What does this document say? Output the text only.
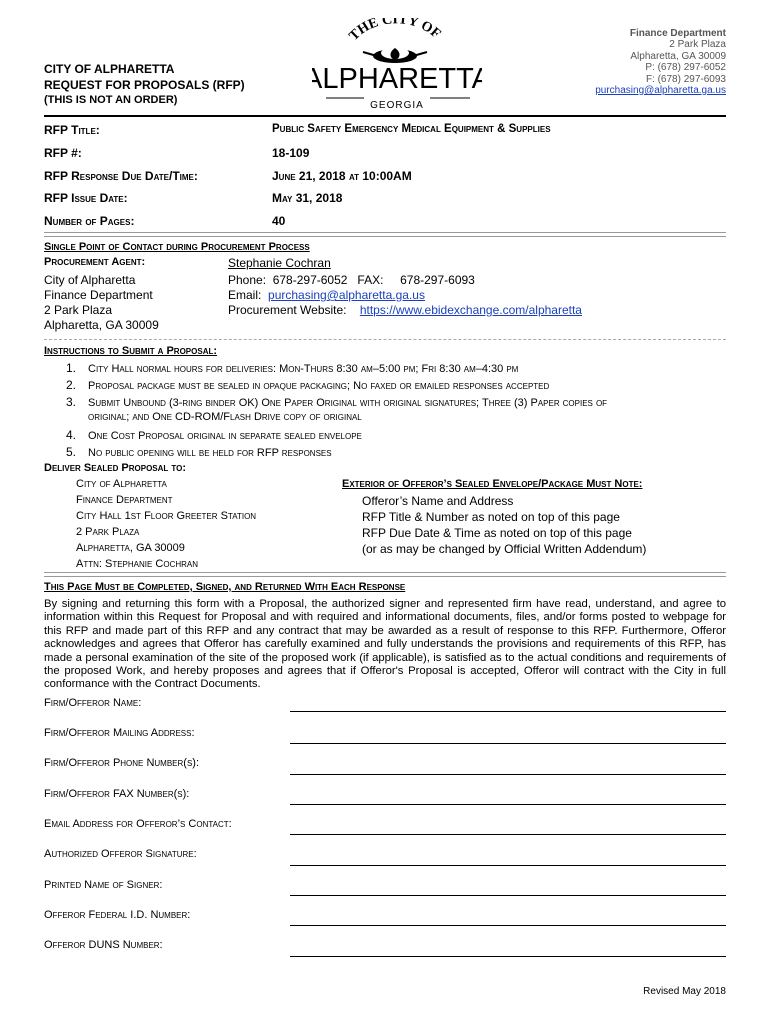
Finance Department
2 Park Plaza
Alpharetta, GA 30009
P: (678) 297-6052
F: (678) 297-6093
purchasing@alpharetta.ga.us
THE CITY OF
ALPHARETTA
GEORGIA
CITY OF ALPHARETTA
REQUEST FOR PROPOSALS (RFP)
(THIS IS NOT AN ORDER)
RFP Title:	Public Safety Emergency Medical Equipment & Supplies
RFP #:	18-109
RFP Response Due Date/Time:	June 21, 2018 at 10:00AM
RFP Issue Date:	May 31, 2018
Number of Pages:	40
Single Point of Contact during Procurement Process
Procurement Agent:	Stephanie Cochran
City of Alpharetta
Finance Department
2 Park Plaza
Alpharetta, GA 30009
Phone:  678-297-6052   FAX:     678-297-6093
Email:  purchasing@alpharetta.ga.us
Procurement Website:    https://www.ebidexchange.com/alpharetta
Instructions to Submit a Proposal:
1. City Hall normal hours for deliveries: Mon-Thurs 8:30 am–5:00 pm; Fri 8:30 am–4:30 pm
2. Proposal package must be sealed in opaque packaging; No faxed or emailed responses accepted
3. Submit Unbound (3-ring binder OK) One Paper Original with original signatures; Three (3) Paper copies of
original; and One CD-ROM/Flash Drive copy of original
4. One Cost Proposal original in separate sealed envelope
5. No public opening will be held for RFP responses
Deliver Sealed Proposal to:
City of Alpharetta
Finance Department
City Hall 1st Floor Greeter Station
2 Park Plaza
Alpharetta, GA 30009
Attn: Stephanie Cochran
Exterior of Offeror’s Sealed Envelope/Package Must Note:
Offeror’s Name and Address
RFP Title & Number as noted on top of this page
RFP Due Date & Time as noted on top of this page
(or as may be changed by Official Written Addendum)
This Page Must be Completed, Signed, and Returned With Each Response
By signing and returning this form with a Proposal, the authorized signer and represented firm have read, understand, and agree to information within this Request for Proposal and with required and informational documents, files, and/or forms posted to webpage for this RFP and made part of this RFP and any contract that may be awarded as a result of response to this RFP. Furthermore, Offeror acknowledges and agrees that Offeror has carefully examined and fully understands the provisions and requirements of this RFP, has made a personal examination of the site of the proposed work (if applicable), is satisfied as to the actual conditions and requirements of the proposed Work, and hereby proposes and agrees that if Offeror's Proposal is accepted, Offeror will contract with the City in full conformance with the Contract Documents.
Firm/Offeror Name:
Firm/Offeror Mailing Address:
Firm/Offeror Phone Number(s):
Firm/Offeror FAX Number(s):
Email Address for Offeror’s Contact:
Authorized Offeror Signature:
Printed Name of Signer:
Offeror Federal I.D. Number:
Offeror DUNS Number:
Revised May 2018
